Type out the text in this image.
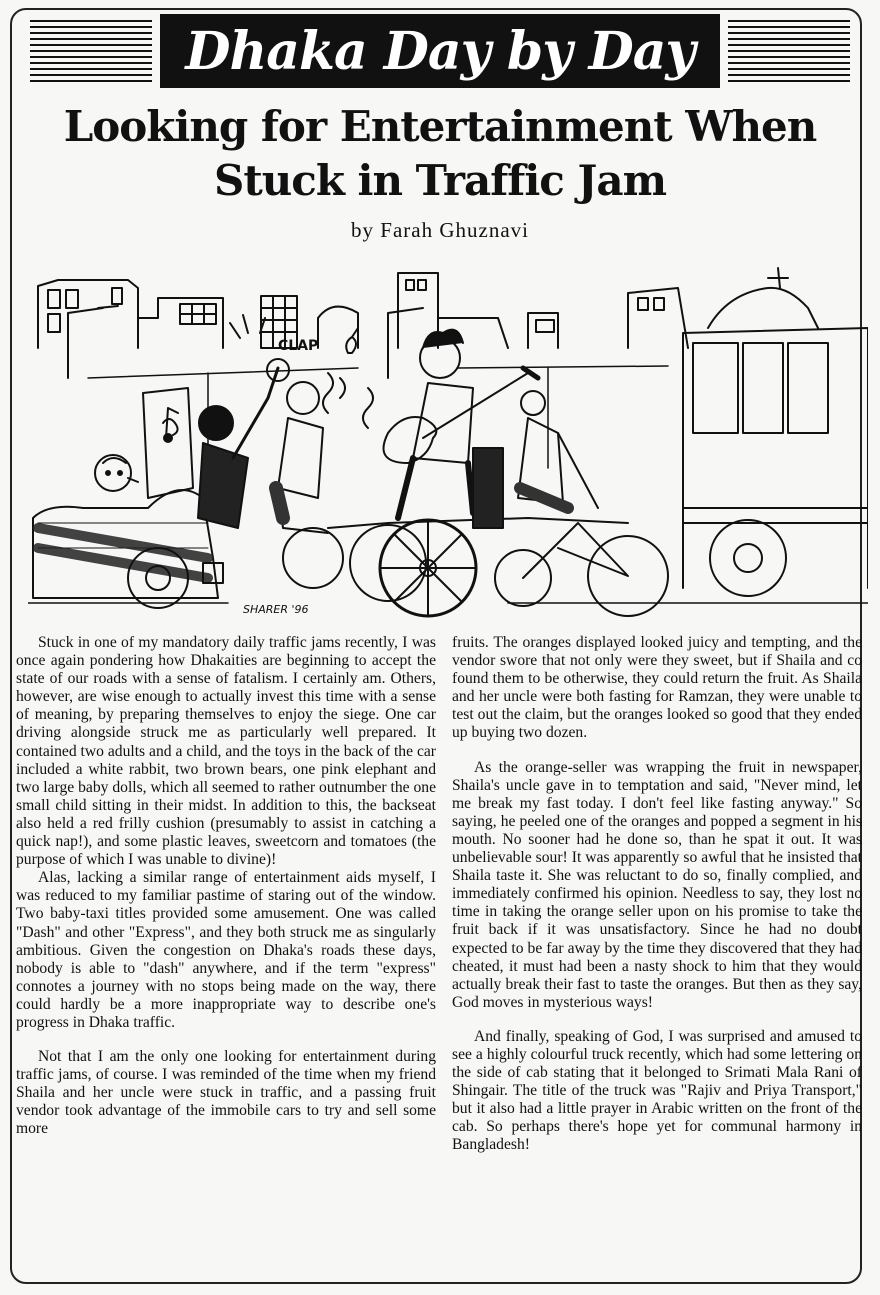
Dhaka Day by Day
Looking for Entertainment When
Stuck in Traffic Jam
by Farah Ghuznavi
CLAP
SHARER '96

Stuck in one of my mandatory daily traffic jams recently, I was once again pondering how Dhakaities are beginning to accept the state of our roads with a sense of fatalism. I certainly am. Others, however, are wise enough to actually invest this time with a sense of meaning, by preparing themselves to enjoy the siege. One car driving alongside struck me as particularly well prepared. It contained two adults and a child, and the toys in the back of the car included a white rabbit, two brown bears, one pink elephant and two large baby dolls, which all seemed to rather outnumber the one small child sitting in their midst. In addition to this, the backseat also held a red frilly cushion (presumably to assist in catching a quick nap!), and some plastic leaves, sweetcorn and tomatoes (the purpose of which I was unable to divine)!

Alas, lacking a similar range of entertainment aids myself, I was reduced to my familiar pastime of staring out of the window. Two baby-taxi titles provided some amusement. One was called "Dash" and other "Express", and they both struck me as singularly ambitious. Given the congestion on Dhaka's roads these days, nobody is able to "dash" anywhere, and if the term "express" connotes a journey with no stops being made on the way, there could hardly be a more inappropriate way to describe one's progress in Dhaka traffic.

Not that I am the only one looking for entertainment during traffic jams, of course. I was reminded of the time when my friend Shaila and her uncle were stuck in traffic, and a passing fruit vendor took advantage of the immobile cars to try and sell some more

fruits. The oranges displayed looked juicy and tempting, and the vendor swore that not only were they sweet, but if Shaila and co found them to be otherwise, they could return the fruit. As Shaila and her uncle were both fasting for Ramzan, they were unable to test out the claim, but the oranges looked so good that they ended up buying two dozen.

As the orange-seller was wrapping the fruit in newspaper, Shaila's uncle gave in to temptation and said, "Never mind, let me break my fast today. I don't feel like fasting anyway." So saying, he peeled one of the oranges and popped a segment in his mouth. No sooner had he done so, than he spat it out. It was unbelievable sour! It was apparently so awful that he insisted that Shaila taste it. She was reluctant to do so, finally complied, and immediately confirmed his opinion. Needless to say, they lost no time in taking the orange seller upon on his promise to take the fruit back if it was unsatisfactory. Since he had no doubt expected to be far away by the time they discovered that they had cheated, it must had been a nasty shock to him that they would actually break their fast to taste the oranges. But then as they say, God moves in mysterious ways!

And finally, speaking of God, I was surprised and amused to see a highly colourful truck recently, which had some lettering on the side of cab stating that it belonged to Srimati Mala Rani of Shingair. The title of the truck was "Rajiv and Priya Transport," but it also had a little prayer in Arabic written on the front of the cab. So perhaps there's hope yet for communal harmony in Bangladesh!
